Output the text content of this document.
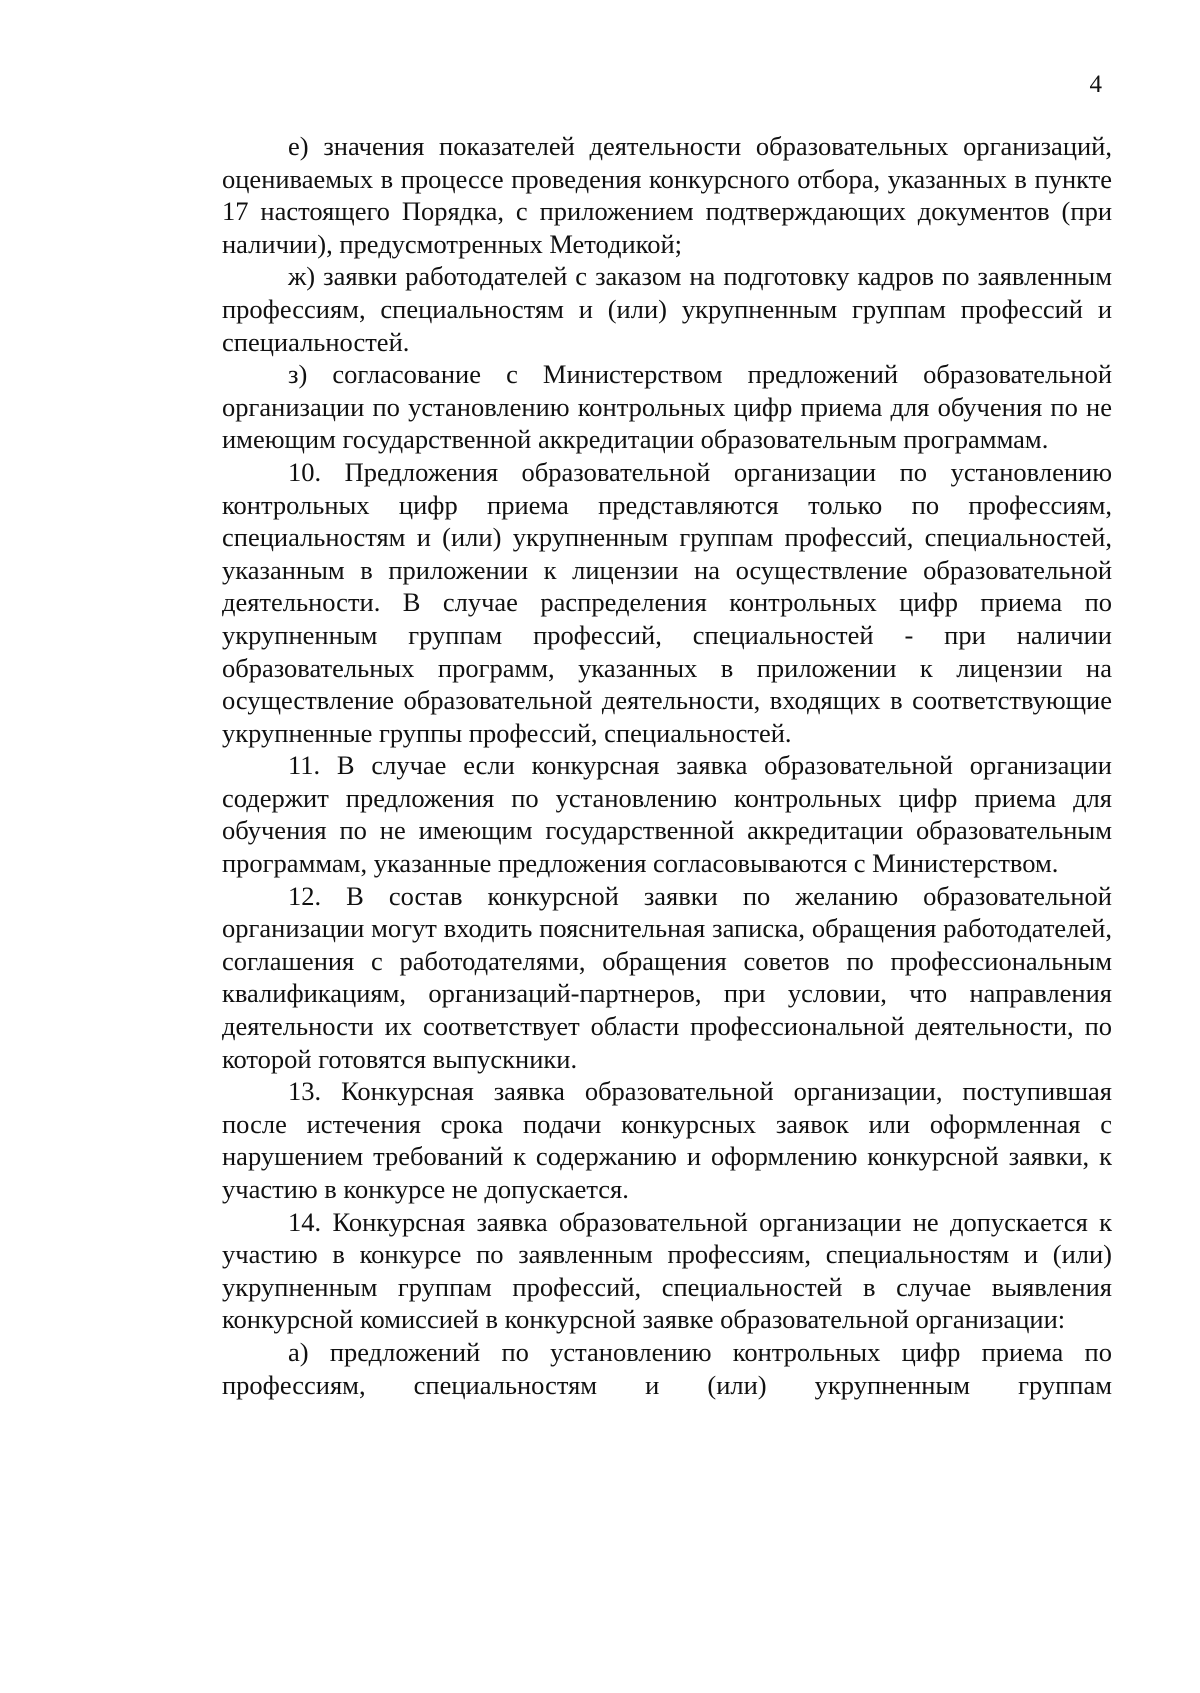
4

е) значения показателей деятельности образовательных организаций, оцениваемых в процессе проведения конкурсного отбора, указанных в пункте 17 настоящего Порядка, с приложением подтверждающих документов (при наличии), предусмотренных Методикой;

ж) заявки работодателей с заказом на подготовку кадров по заявленным профессиям, специальностям и (или) укрупненным группам профессий и специальностей.

з) согласование с Министерством предложений образовательной организации по установлению контрольных цифр приема для обучения по не имеющим государственной аккредитации образовательным программам.

10. Предложения образовательной организации по установлению контрольных цифр приема представляются только по профессиям, специальностям и (или) укрупненным группам профессий, специальностей, указанным в приложении к лицензии на осуществление образовательной деятельности. В случае распределения контрольных цифр приема по укрупненным группам профессий, специальностей - при наличии образовательных программ, указанных в приложении к лицензии на осуществление образовательной деятельности, входящих в соответствующие укрупненные группы профессий, специальностей.

11. В случае если конкурсная заявка образовательной организации содержит предложения по установлению контрольных цифр приема для обучения по не имеющим государственной аккредитации образовательным программам, указанные предложения согласовываются с Министерством.

12. В состав конкурсной заявки по желанию образовательной организации могут входить пояснительная записка, обращения работодателей, соглашения с работодателями, обращения советов по профессиональным квалификациям, организаций-партнеров, при условии, что направления деятельности их соответствует области профессиональной деятельности, по которой готовятся выпускники.

13. Конкурсная заявка образовательной организации, поступившая после истечения срока подачи конкурсных заявок или оформленная с нарушением требований к содержанию и оформлению конкурсной заявки, к участию в конкурсе не допускается.

14. Конкурсная заявка образовательной организации не допускается к участию в конкурсе по заявленным профессиям, специальностям и (или) укрупненным группам профессий, специальностей в случае выявления конкурсной комиссией в конкурсной заявке образовательной организации:

а) предложений по установлению контрольных цифр приема по профессиям, специальностям и (или) укрупненным группам
